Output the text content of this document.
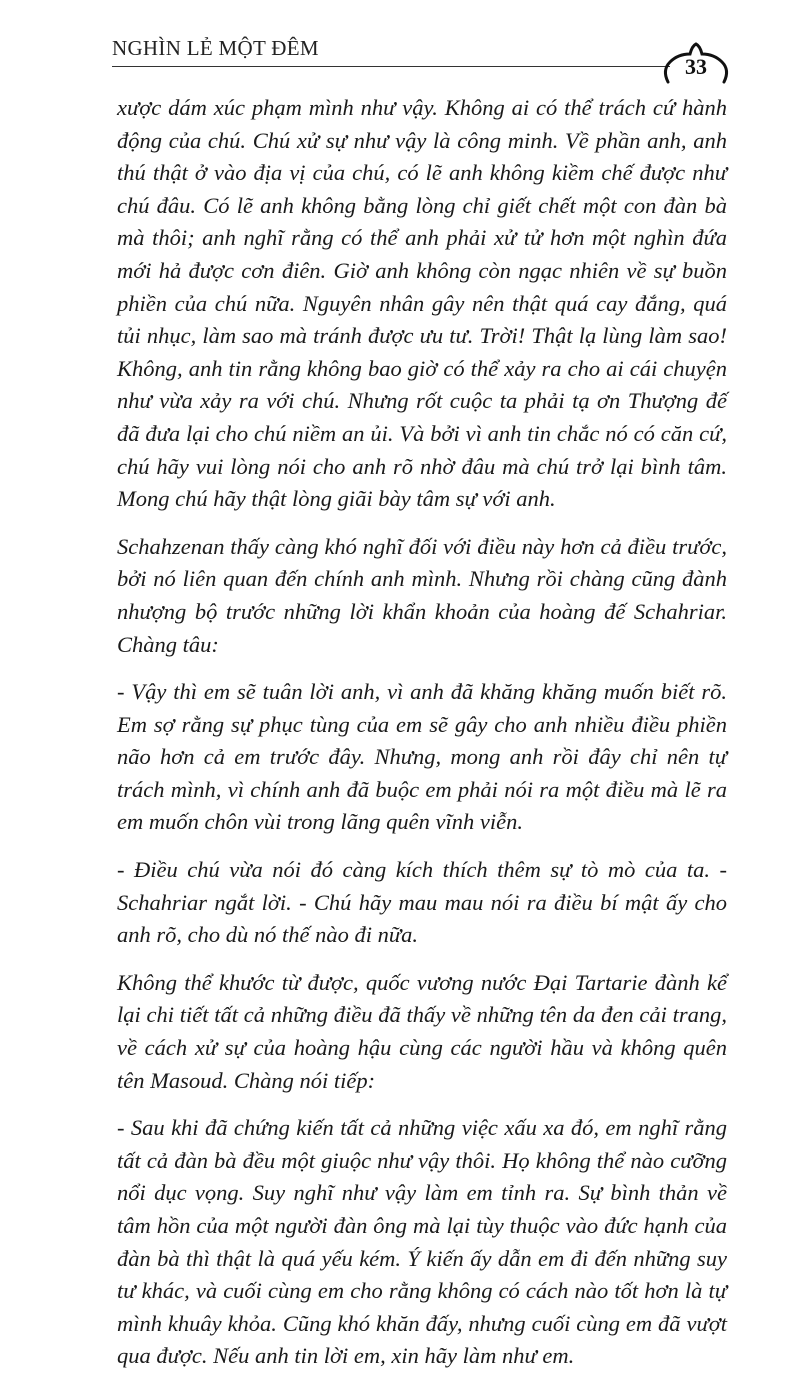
NGHÌN LẺ MỘT ĐÊM
33

xược dám xúc phạm mình như vậy. Không ai có thể trách cứ hành động của chú. Chú xử sự như vậy là công minh. Về phần anh, anh thú thật ở vào địa vị của chú, có lẽ anh không kiềm chế được như chú đâu. Có lẽ anh không bằng lòng chỉ giết chết một con đàn bà mà thôi; anh nghĩ rằng có thể anh phải xử tử hơn một nghìn đứa mới hả được cơn điên. Giờ anh không còn ngạc nhiên về sự buồn phiền của chú nữa. Nguyên nhân gây nên thật quá cay đắng, quá tủi nhục, làm sao mà tránh được ưu tư. Trời! Thật lạ lùng làm sao! Không, anh tin rằng không bao giờ có thể xảy ra cho ai cái chuyện như vừa xảy ra với chú. Nhưng rốt cuộc ta phải tạ ơn Thượng đế đã đưa lại cho chú niềm an ủi. Và bởi vì anh tin chắc nó có căn cứ, chú hãy vui lòng nói cho anh rõ nhờ đâu mà chú trở lại bình tâm. Mong chú hãy thật lòng giãi bày tâm sự với anh.

Schahzenan thấy càng khó nghĩ đối với điều này hơn cả điều trước, bởi nó liên quan đến chính anh mình. Nhưng rồi chàng cũng đành nhượng bộ trước những lời khẩn khoản của hoàng đế Schahriar. Chàng tâu:

- Vậy thì em sẽ tuân lời anh, vì anh đã khăng khăng muốn biết rõ. Em sợ rằng sự phục tùng của em sẽ gây cho anh nhiều điều phiền não hơn cả em trước đây. Nhưng, mong anh rồi đây chỉ nên tự trách mình, vì chính anh đã buộc em phải nói ra một điều mà lẽ ra em muốn chôn vùi trong lãng quên vĩnh viễn.

- Điều chú vừa nói đó càng kích thích thêm sự tò mò của ta. - Schahriar ngắt lời. - Chú hãy mau mau nói ra điều bí mật ấy cho anh rõ, cho dù nó thế nào đi nữa.

Không thể khước từ được, quốc vương nước Đại Tartarie đành kể lại chi tiết tất cả những điều đã thấy về những tên da đen cải trang, về cách xử sự của hoàng hậu cùng các người hầu và không quên tên Masoud. Chàng nói tiếp:

- Sau khi đã chứng kiến tất cả những việc xấu xa đó, em nghĩ rằng tất cả đàn bà đều một giuộc như vậy thôi. Họ không thể nào cưỡng nổi dục vọng. Suy nghĩ như vậy làm em tỉnh ra. Sự bình thản về tâm hồn của một người đàn ông mà lại tùy thuộc vào đức hạnh của đàn bà thì thật là quá yếu kém. Ý kiến ấy dẫn em đi đến những suy tư khác, và cuối cùng em cho rằng không có cách nào tốt hơn là tự mình khuây khỏa. Cũng khó khăn đấy, nhưng cuối cùng em đã vượt qua được. Nếu anh tin lời em, xin hãy làm như em.
